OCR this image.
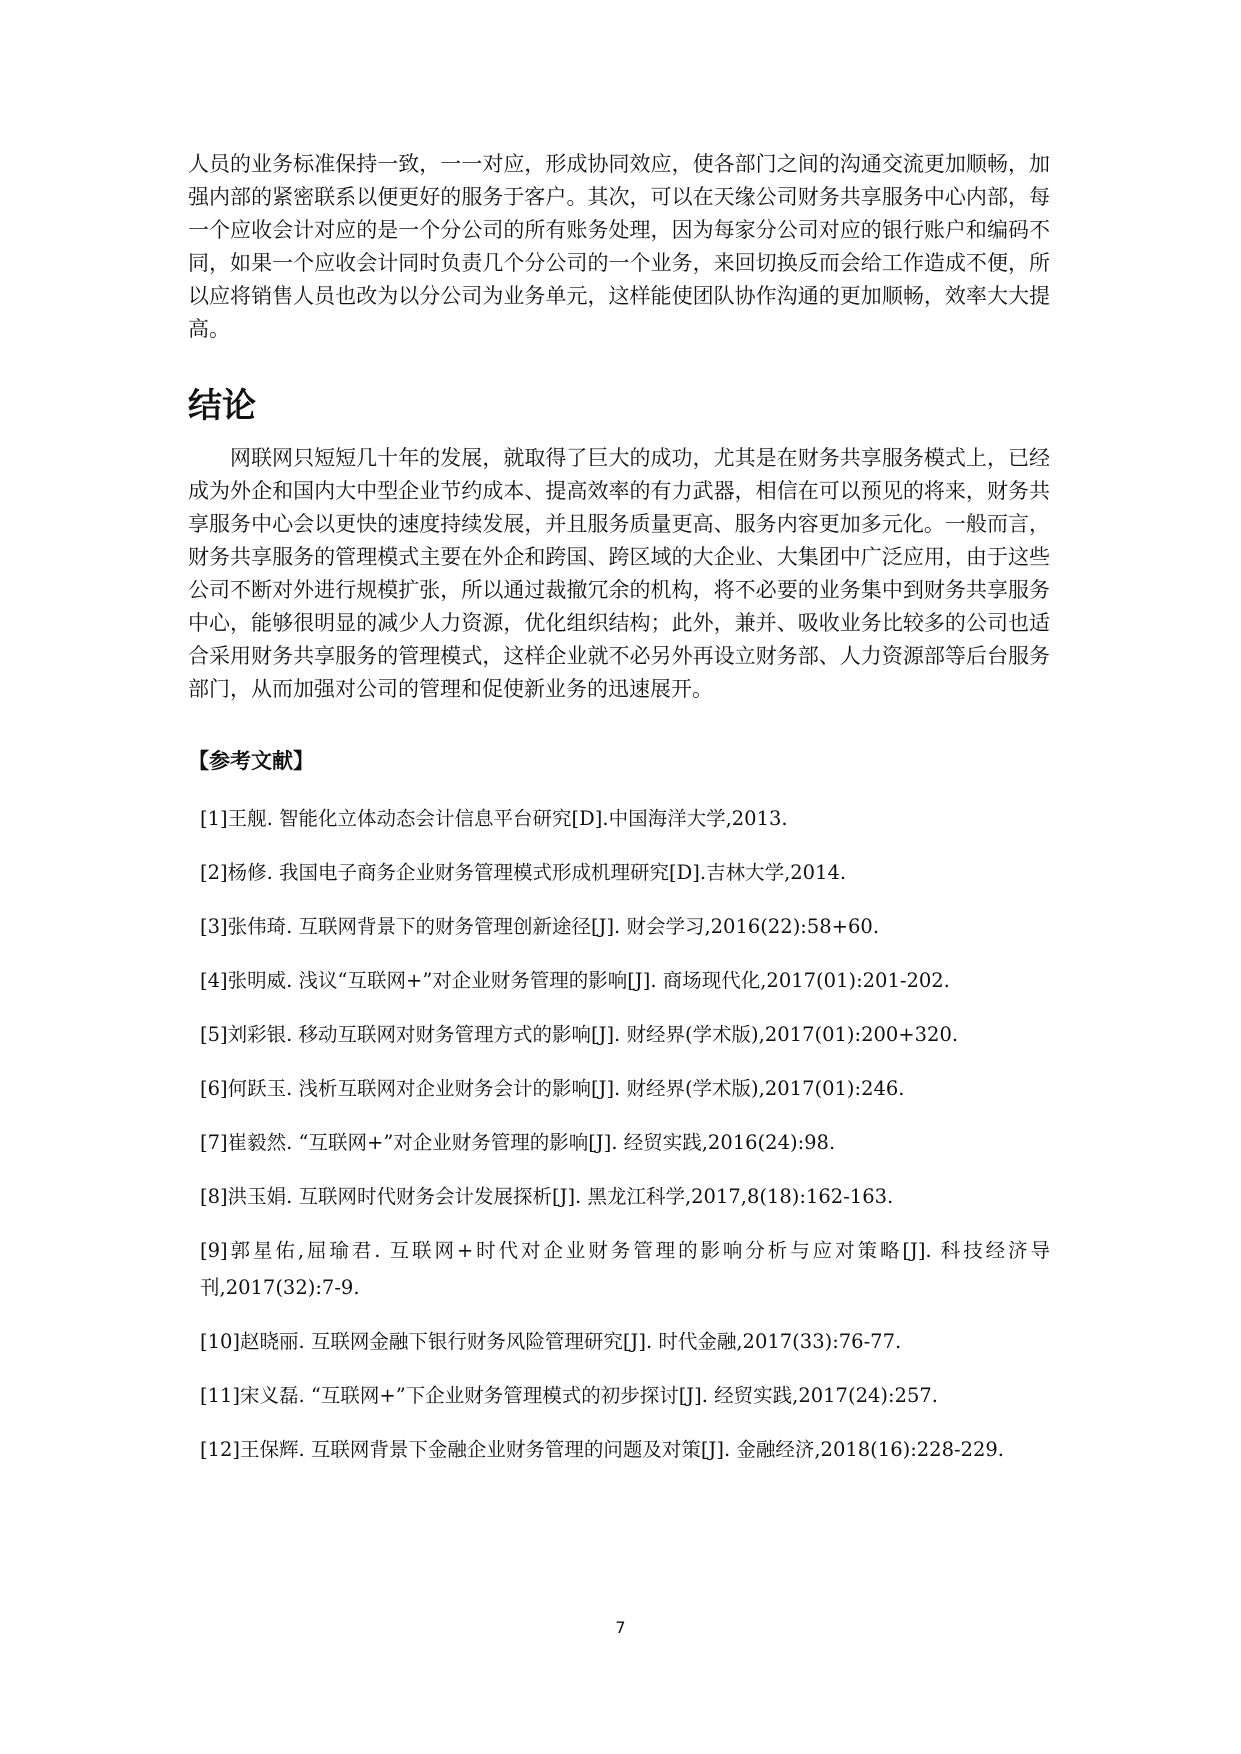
人员的业务标准保持一致，一一对应，形成协同效应，使各部门之间的沟通交流更加顺畅，加强内部的紧密联系以便更好的服务于客户。其次，可以在天缘公司财务共享服务中心内部，每一个应收会计对应的是一个分公司的所有账务处理，因为每家分公司对应的银行账户和编码不同，如果一个应收会计同时负责几个分公司的一个业务，来回切换反而会给工作造成不便，所以应将销售人员也改为以分公司为业务单元，这样能使团队协作沟通的更加顺畅，效率大大提高。

结论

网联网只短短几十年的发展，就取得了巨大的成功，尤其是在财务共享服务模式上，已经成为外企和国内大中型企业节约成本、提高效率的有力武器，相信在可以预见的将来，财务共享服务中心会以更快的速度持续发展，并且服务质量更高、服务内容更加多元化。一般而言，财务共享服务的管理模式主要在外企和跨国、跨区域的大企业、大集团中广泛应用，由于这些公司不断对外进行规模扩张，所以通过裁撤冗余的机构，将不必要的业务集中到财务共享服务中心，能够很明显的减少人力资源，优化组织结构；此外，兼并、吸收业务比较多的公司也适合采用财务共享服务的管理模式，这样企业就不必另外再设立财务部、人力资源部等后台服务部门，从而加强对公司的管理和促使新业务的迅速展开。

【参考文献】
[1]王舰. 智能化立体动态会计信息平台研究[D].中国海洋大学,2013.
[2]杨修. 我国电子商务企业财务管理模式形成机理研究[D].吉林大学,2014.
[3]张伟琦. 互联网背景下的财务管理创新途径[J]. 财会学习,2016(22):58+60.
[4]张明威. 浅议“互联网+”对企业财务管理的影响[J]. 商场现代化,2017(01):201-202.
[5]刘彩银. 移动互联网对财务管理方式的影响[J]. 财经界(学术版),2017(01):200+320.
[6]何跃玉. 浅析互联网对企业财务会计的影响[J]. 财经界(学术版),2017(01):246.
[7]崔毅然. “互联网+”对企业财务管理的影响[J]. 经贸实践,2016(24):98.
[8]洪玉娟. 互联网时代财务会计发展探析[J]. 黑龙江科学,2017,8(18):162-163.
[9]郭星佑,屈瑜君. 互联网+时代对企业财务管理的影响分析与应对策略[J]. 科技经济导刊,2017(32):7-9.
[10]赵晓丽. 互联网金融下银行财务风险管理研究[J]. 时代金融,2017(33):76-77.
[11]宋义磊. “互联网+”下企业财务管理模式的初步探讨[J]. 经贸实践,2017(24):257.
[12]王保辉. 互联网背景下金融企业财务管理的问题及对策[J]. 金融经济,2018(16):228-229.
7
